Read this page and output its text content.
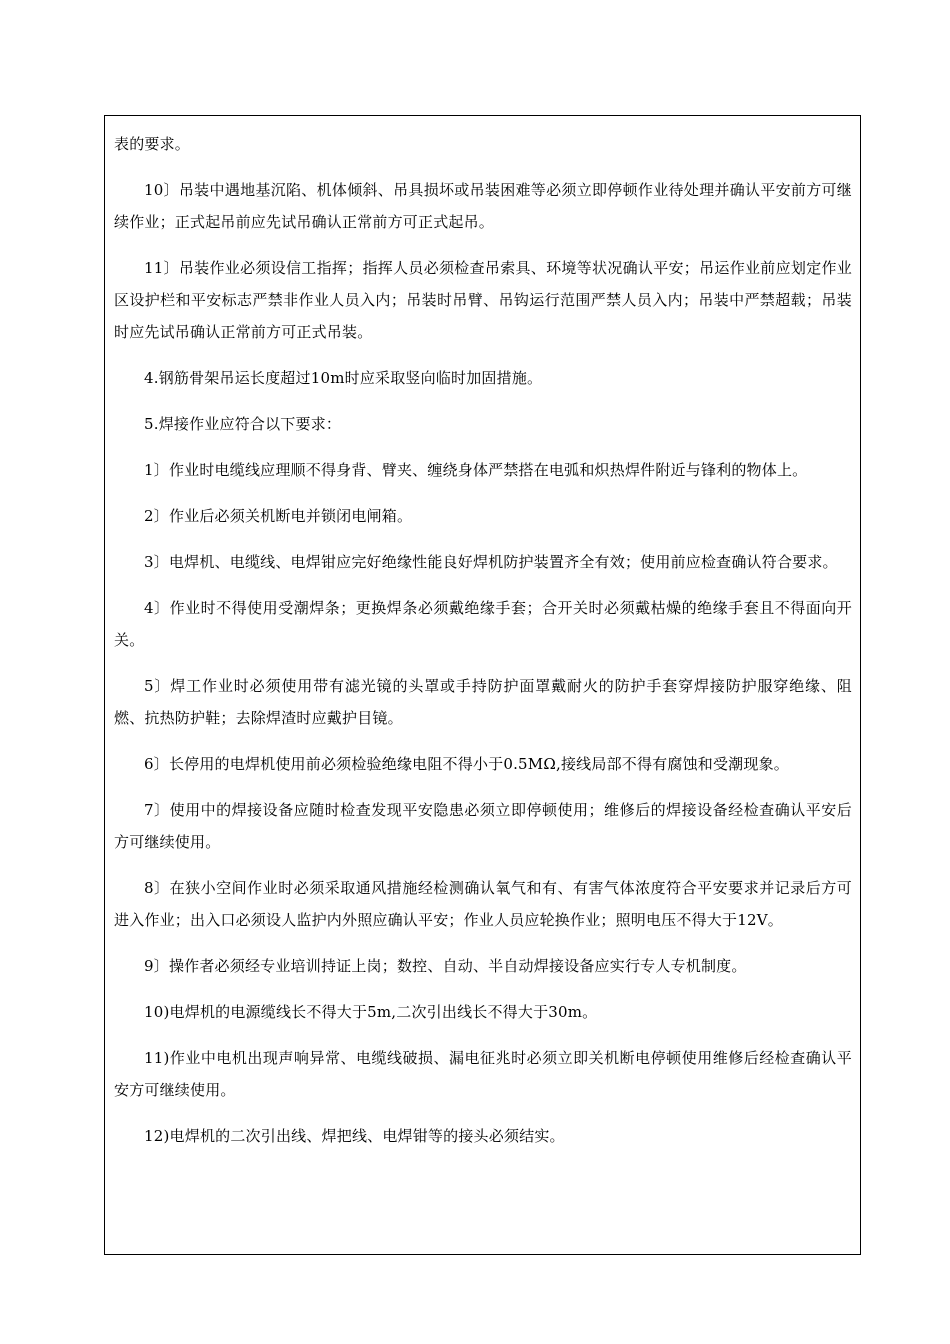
表的要求。

10〕吊装中遇地基沉陷、机体倾斜、吊具损坏或吊装困难等必须立即停顿作业待处理并确认平安前方可继续作业；正式起吊前应先试吊确认正常前方可正式起吊。

11〕吊装作业必须设信工指挥；指挥人员必须检查吊索具、环境等状况确认平安；吊运作业前应划定作业区设护栏和平安标志严禁非作业人员入内；吊装时吊臂、吊钩运行范围严禁人员入内；吊装中严禁超载；吊装时应先试吊确认正常前方可正式吊装。

4.钢筋骨架吊运长度超过10m时应采取竖向临时加固措施。

5.焊接作业应符合以下要求：

1〕作业时电缆线应理顺不得身背、臂夹、缠绕身体严禁搭在电弧和炽热焊件附近与锋利的物体上。

2〕作业后必须关机断电并锁闭电闸箱。

3〕电焊机、电缆线、电焊钳应完好绝缘性能良好焊机防护装置齐全有效；使用前应检查确认符合要求。

4〕作业时不得使用受潮焊条；更换焊条必须戴绝缘手套；合开关时必须戴枯燥的绝缘手套且不得面向开关。

5〕焊工作业时必须使用带有滤光镜的头罩或手持防护面罩戴耐火的防护手套穿焊接防护服穿绝缘、阻燃、抗热防护鞋；去除焊渣时应戴护目镜。

6〕长停用的电焊机使用前必须检验绝缘电阻不得小于0.5MΩ,接线局部不得有腐蚀和受潮现象。

7〕使用中的焊接设备应随时检查发现平安隐患必须立即停顿使用；维修后的焊接设备经检查确认平安后方可继续使用。

8〕在狭小空间作业时必须采取通风措施经检测确认氧气和有、有害气体浓度符合平安要求并记录后方可进入作业；出入口必须设人监护内外照应确认平安；作业人员应轮换作业；照明电压不得大于12V。

9〕操作者必须经专业培训持证上岗；数控、自动、半自动焊接设备应实行专人专机制度。

10)电焊机的电源缆线长不得大于5m,二次引出线长不得大于30m。

11)作业中电机出现声响异常、电缆线破损、漏电征兆时必须立即关机断电停顿使用维修后经检查确认平安方可继续使用。

12)电焊机的二次引出线、焊把线、电焊钳等的接头必须结实。
